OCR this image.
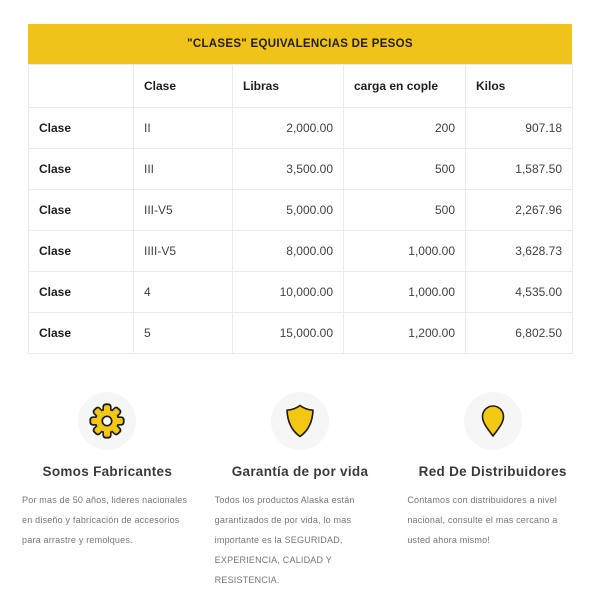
"CLASES" EQUIVALENCIAS DE PESOS
	Clase	Libras	carga en cople	Kilos
Clase	II	2,000.00	200	907.18
Clase	III	3,500.00	500	1,587.50
Clase	III-V5	5,000.00	500	2,267.96
Clase	IIII-V5	8,000.00	1,000.00	3,628.73
Clase	4	10,000.00	1,000.00	4,535.00
Clase	5	15,000.00	1,200.00	6,802.50
Somos Fabricantes

Por mas de 50 años, lideres nacionales en diseño y fabricación de accesorios para arrastre y remolques.

Garantía de por vida

Todos los productos Alaska están garantizados de por vida, lo mas importante es la SEGURIDAD, EXPERIENCIA, CALIDAD Y RESISTENCIA.

Red De Distribuidores

Contamos con distribuidores a nivel nacional, consulte el mas cercano a usted ahora mismo!
